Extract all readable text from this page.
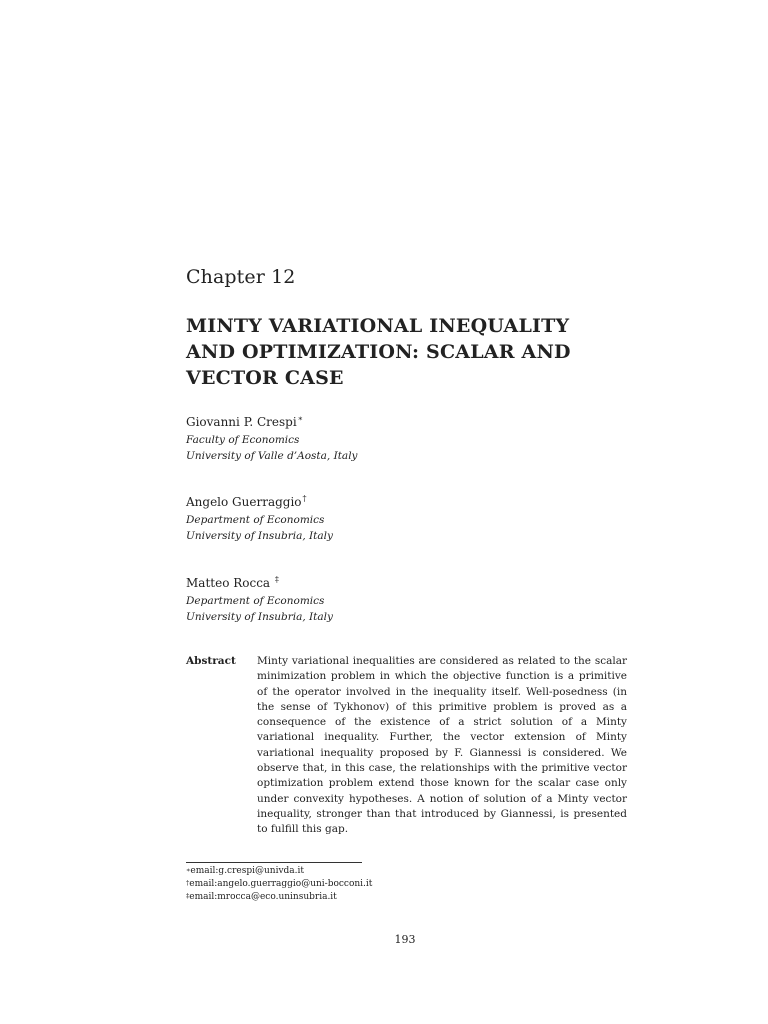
Chapter 12
MINTY VARIATIONAL INEQUALITY AND OPTIMIZATION: SCALAR AND VECTOR CASE
Giovanni P. Crespi∗
Faculty of Economics
University of Valle d’Aosta, Italy
Angelo Guerraggio†
Department of Economics
University of Insubria, Italy
Matteo Rocca ‡
Department of Economics
University of Insubria, Italy
Abstract Minty variational inequalities are considered as related to the scalar minimization problem in which the objective function is a primitive of the operator involved in the inequality itself. Well-posedness (in the sense of Tykhonov) of this primitive problem is proved as a consequence of the existence of a strict solution of a Minty variational inequality. Further, the vector extension of Minty variational inequality proposed by F. Giannessi is considered. We observe that, in this case, the relationships with the primitive vector optimization problem extend those known for the scalar case only under convexity hypotheses. A notion of solution of a Minty vector inequality, stronger than that introduced by Giannessi, is presented to fulfill this gap.
∗email:g.crespi@univda.it
†email:angelo.guerraggio@uni-bocconi.it
‡email:mrocca@eco.uninsubria.it
193
